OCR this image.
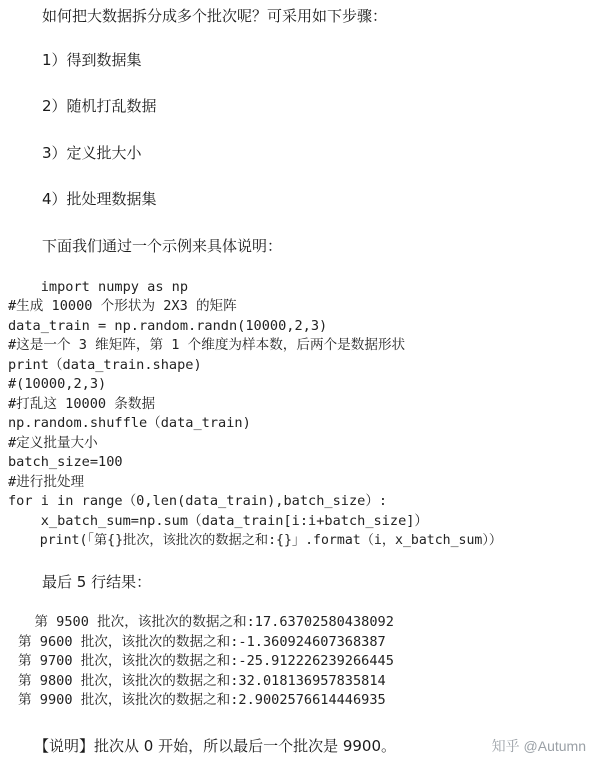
如何把大数据拆分成多个批次呢？可采用如下步骤：
1）得到数据集
2）随机打乱数据
3）定义批大小
4）批处理数据集
下面我们通过一个示例来具体说明：
import numpy as np
#生成 10000 个形状为 2X3 的矩阵
data_train = np.random.randn(10000,2,3)
#这是一个 3 维矩阵，第 1 个维度为样本数，后两个是数据形状
print（data_train.shape)
#(10000,2,3)
#打乱这 10000 条数据
np.random.shuffle（data_train)
#定义批量大小
batch_size=100
#进行批处理
for i in range（0,len(data_train),batch_size）:
x_batch_sum=np.sum（data_train[i:i+batch_size]）
print(「第{}批次，该批次的数据之和:{}」.format（i，x_batch_sum））
最后 5 行结果：
第 9500 批次，该批次的数据之和:17.63702580438092
第 9600 批次，该批次的数据之和:-1.360924607368387
第 9700 批次，该批次的数据之和:-25.912226239266445
第 9800 批次，该批次的数据之和:32.018136957835814
第 9900 批次，该批次的数据之和:2.9002576614446935
【说明】批次从 0 开始，所以最后一个批次是 9900。	知乎 @Autumn
